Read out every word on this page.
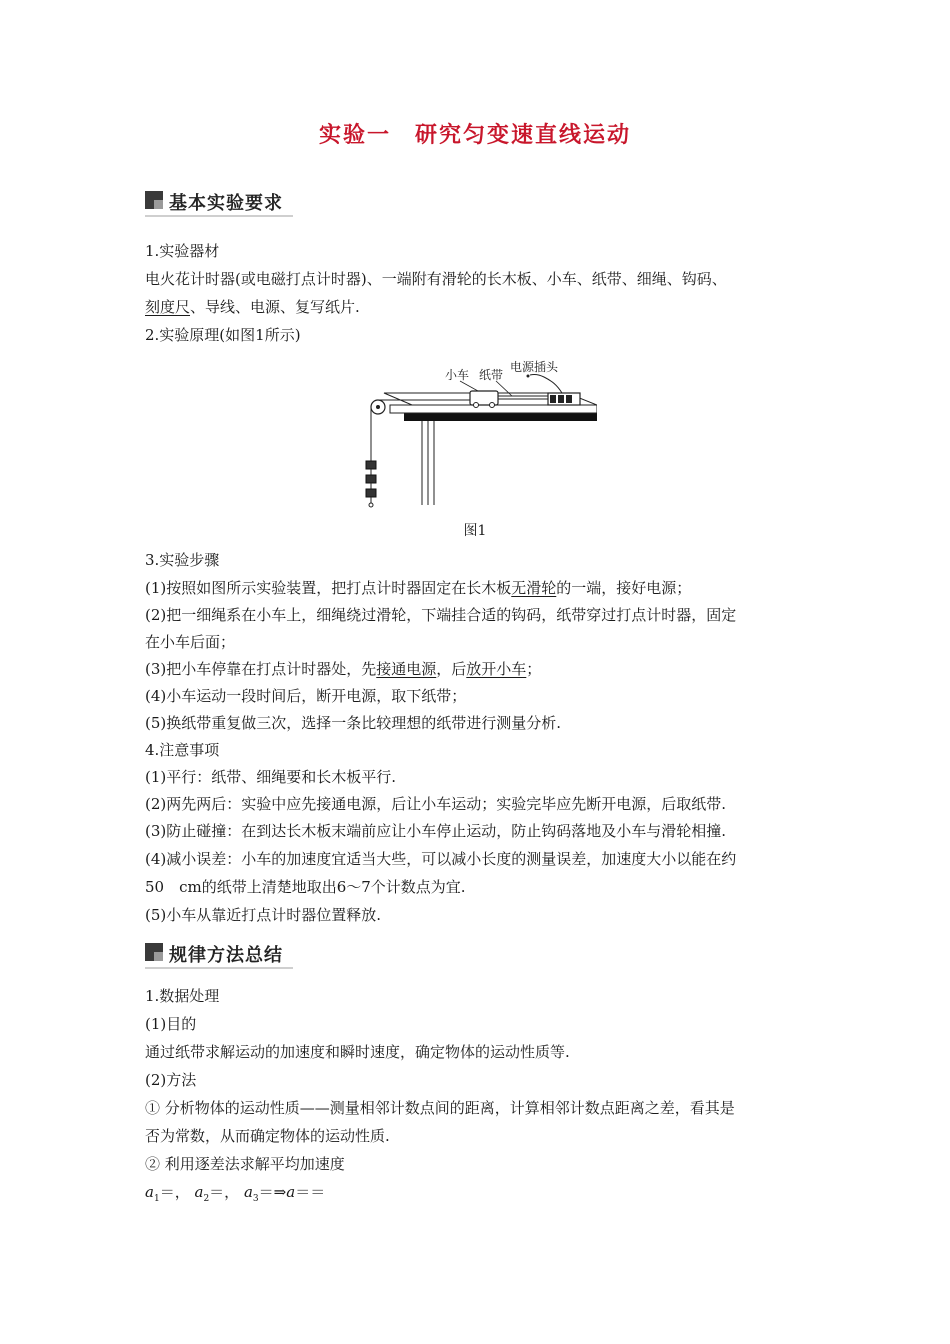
实验一　研究匀变速直线运动
基本实验要求
1.实验器材
电火花计时器(或电磁打点计时器)、一端附有滑轮的长木板、小车、纸带、细绳、钩码、
刻度尺、导线、电源、复写纸片.
2.实验原理(如图1所示)
小车 纸带
电源插头
图1
3.实验步骤
(1)按照如图所示实验装置，把打点计时器固定在长木板无滑轮的一端，接好电源；
(2)把一细绳系在小车上，细绳绕过滑轮，下端挂合适的钩码，纸带穿过打点计时器，固定
在小车后面；
(3)把小车停靠在打点计时器处，先接通电源，后放开小车；
(4)小车运动一段时间后，断开电源，取下纸带；
(5)换纸带重复做三次，选择一条比较理想的纸带进行测量分析.
4.注意事项
(1)平行：纸带、细绳要和长木板平行.
(2)两先两后：实验中应先接通电源，后让小车运动；实验完毕应先断开电源，后取纸带.
(3)防止碰撞：在到达长木板末端前应让小车停止运动，防止钩码落地及小车与滑轮相撞.
(4)减小误差：小车的加速度宜适当大些，可以减小长度的测量误差，加速度大小以能在约
50　cm的纸带上清楚地取出6～7个计数点为宜.
(5)小车从靠近打点计时器位置释放.
规律方法总结
1.数据处理
(1)目的
通过纸带求解运动的加速度和瞬时速度，确定物体的运动性质等.
(2)方法
① 分析物体的运动性质——测量相邻计数点间的距离，计算相邻计数点距离之差，看其是
否为常数，从而确定物体的运动性质.
② 利用逐差法求解平均加速度
$a_1=$， $a_2=$， $a_3=\Rightarrow a==$
